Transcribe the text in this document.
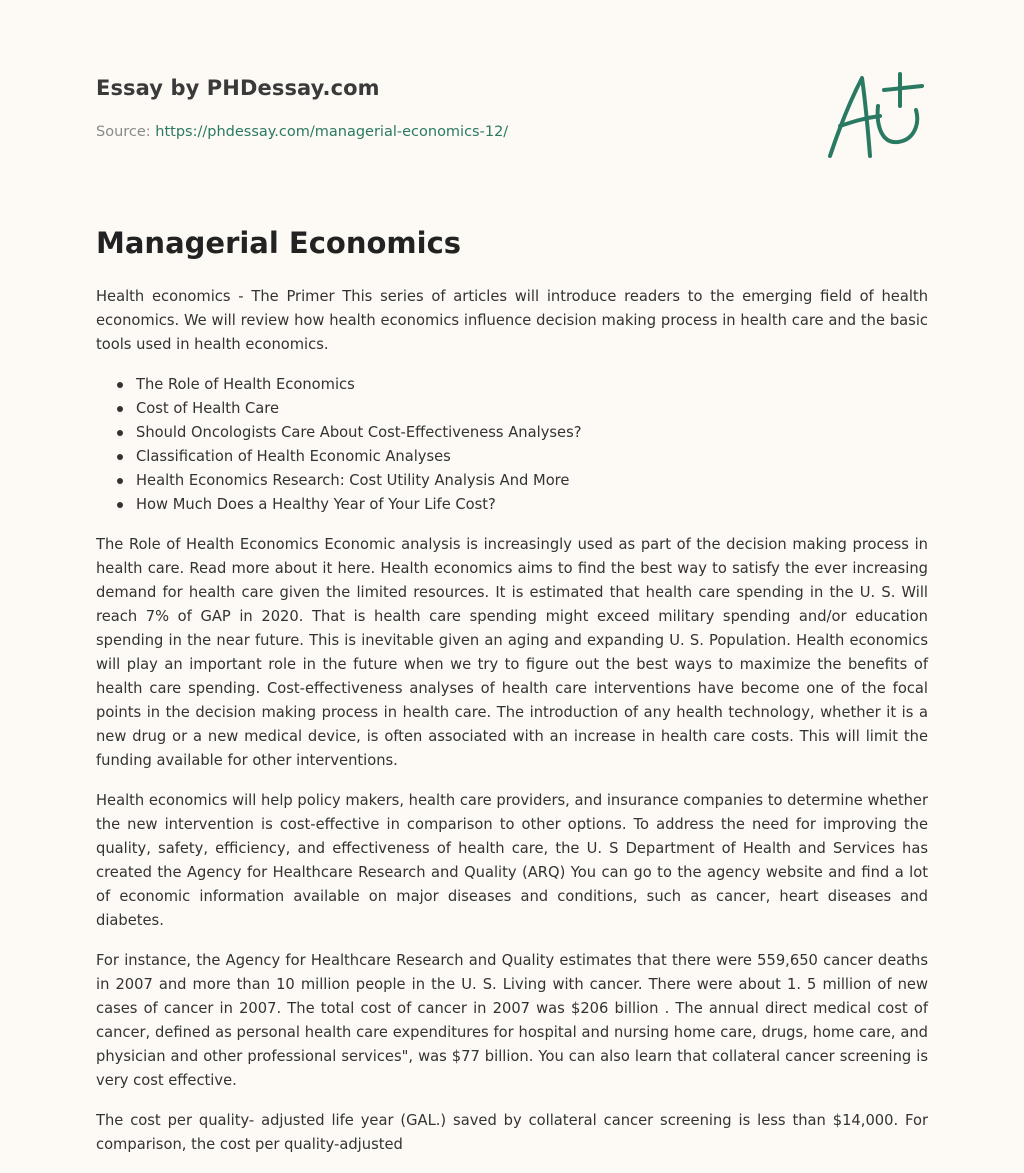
Essay by PHDessay.com
Source: https://phdessay.com/managerial-economics-12/
Managerial Economics

Health economics - The Primer This series of articles will introduce readers to the emerging field of health economics. We will review how health economics influence decision making process in health care and the basic tools used in health economics.

The Role of Health Economics
Cost of Health Care
Should Oncologists Care About Cost-Effectiveness Analyses?
Classification of Health Economic Analyses
Health Economics Research: Cost Utility Analysis And More
How Much Does a Healthy Year of Your Life Cost?

The Role of Health Economics Economic analysis is increasingly used as part of the decision making process in health care. Read more about it here. Health economics aims to find the best way to satisfy the ever increasing demand for health care given the limited resources. It is estimated that health care spending in the U. S. Will reach 7% of GAP in 2020. That is health care spending might exceed military spending and/or education spending in the near future. This is inevitable given an aging and expanding U. S. Population. Health economics will play an important role in the future when we try to figure out the best ways to maximize the benefits of health care spending. Cost-effectiveness analyses of health care interventions have become one of the focal points in the decision making process in health care. The introduction of any health technology, whether it is a new drug or a new medical device, is often associated with an increase in health care costs. This will limit the funding available for other interventions.

Health economics will help policy makers, health care providers, and insurance companies to determine whether the new intervention is cost-effective in comparison to other options. To address the need for improving the quality, safety, efficiency, and effectiveness of health care, the U. S Department of Health and Services has created the Agency for Healthcare Research and Quality (ARQ) You can go to the agency website and find a lot of economic information available on major diseases and conditions, such as cancer, heart diseases and diabetes.

For instance, the Agency for Healthcare Research and Quality estimates that there were 559,650 cancer deaths in 2007 and more than 10 million people in the U. S. Living with cancer. There were about 1. 5 million of new cases of cancer in 2007. The total cost of cancer in 2007 was $206 billion . The annual direct medical cost of cancer, defined as personal health care expenditures for hospital and nursing home care, drugs, home care, and physician and other professional services", was $77 billion. You can also learn that collateral cancer screening is very cost effective.

The cost per quality- adjusted life year (GAL.) saved by collateral cancer screening is less than $14,000. For comparison, the cost per quality-adjusted
